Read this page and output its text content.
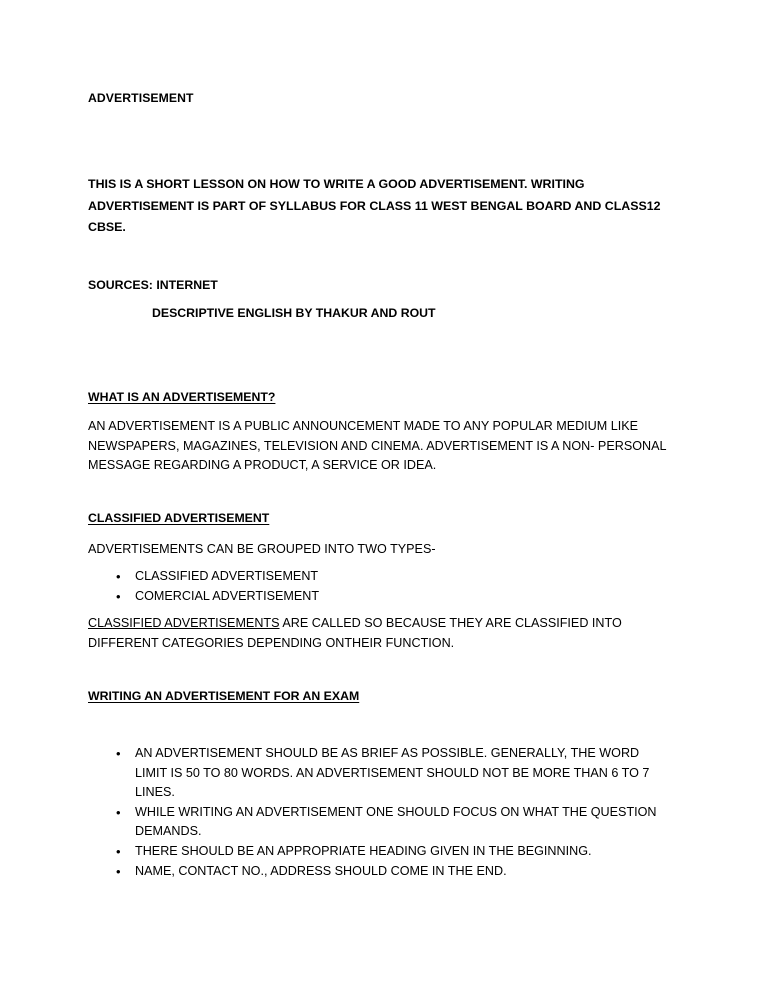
ADVERTISEMENT
THIS IS A SHORT LESSON ON HOW TO WRITE A GOOD ADVERTISEMENT. WRITING ADVERTISEMENT IS PART OF SYLLABUS FOR CLASS 11 WEST BENGAL BOARD AND CLASS12 CBSE.
SOURCES: INTERNET
DESCRIPTIVE ENGLISH BY THAKUR AND ROUT
WHAT IS AN ADVERTISEMENT?
AN ADVERTISEMENT IS A PUBLIC ANNOUNCEMENT MADE TO ANY POPULAR MEDIUM LIKE NEWSPAPERS, MAGAZINES, TELEVISION AND CINEMA. ADVERTISEMENT IS A NON- PERSONAL MESSAGE REGARDING A PRODUCT, A SERVICE OR IDEA.
CLASSIFIED ADVERTISEMENT
ADVERTISEMENTS CAN BE GROUPED INTO TWO TYPES-
•	CLASSIFIED ADVERTISEMENT
•	COMERCIAL ADVERTISEMENT
CLASSIFIED ADVERTISEMENTS ARE CALLED SO BECAUSE THEY ARE CLASSIFIED INTO DIFFERENT CATEGORIES DEPENDING ONTHEIR FUNCTION.
WRITING AN ADVERTISEMENT FOR AN EXAM
•	AN ADVERTISEMENT SHOULD BE AS BRIEF AS POSSIBLE. GENERALLY, THE WORD LIMIT IS 50 TO 80 WORDS. AN ADVERTISEMENT SHOULD NOT BE MORE THAN 6 TO 7 LINES.
•	WHILE WRITING AN ADVERTISEMENT ONE SHOULD FOCUS ON WHAT THE QUESTION DEMANDS.
•	THERE SHOULD BE AN APPROPRIATE HEADING GIVEN IN THE BEGINNING.
•	NAME, CONTACT NO., ADDRESS SHOULD COME IN THE END.
